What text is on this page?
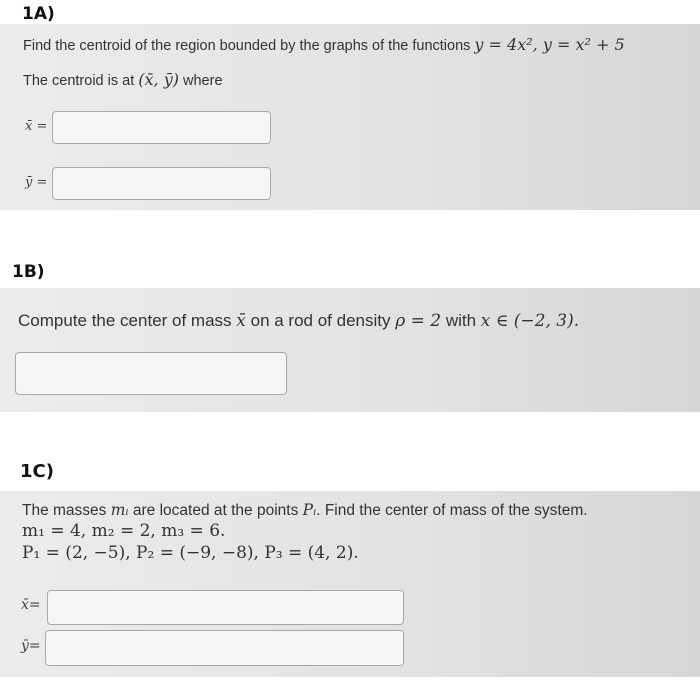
1A)
Find the centroid of the region bounded by the graphs of the functions y = 4x², y = x² + 5
The centroid is at (x̄, ȳ) where
x̄ =
ȳ =
1B)
Compute the center of mass x̄ on a rod of density ρ = 2 with x ∈ (−2, 3).
1C)
The masses mᵢ are located at the points Pᵢ. Find the center of mass of the system.
m₁ = 4, m₂ = 2, m₃ = 6.
P₁ = (2, −5), P₂ = (−9, −8), P₃ = (4, 2).
x̄=
ȳ=
